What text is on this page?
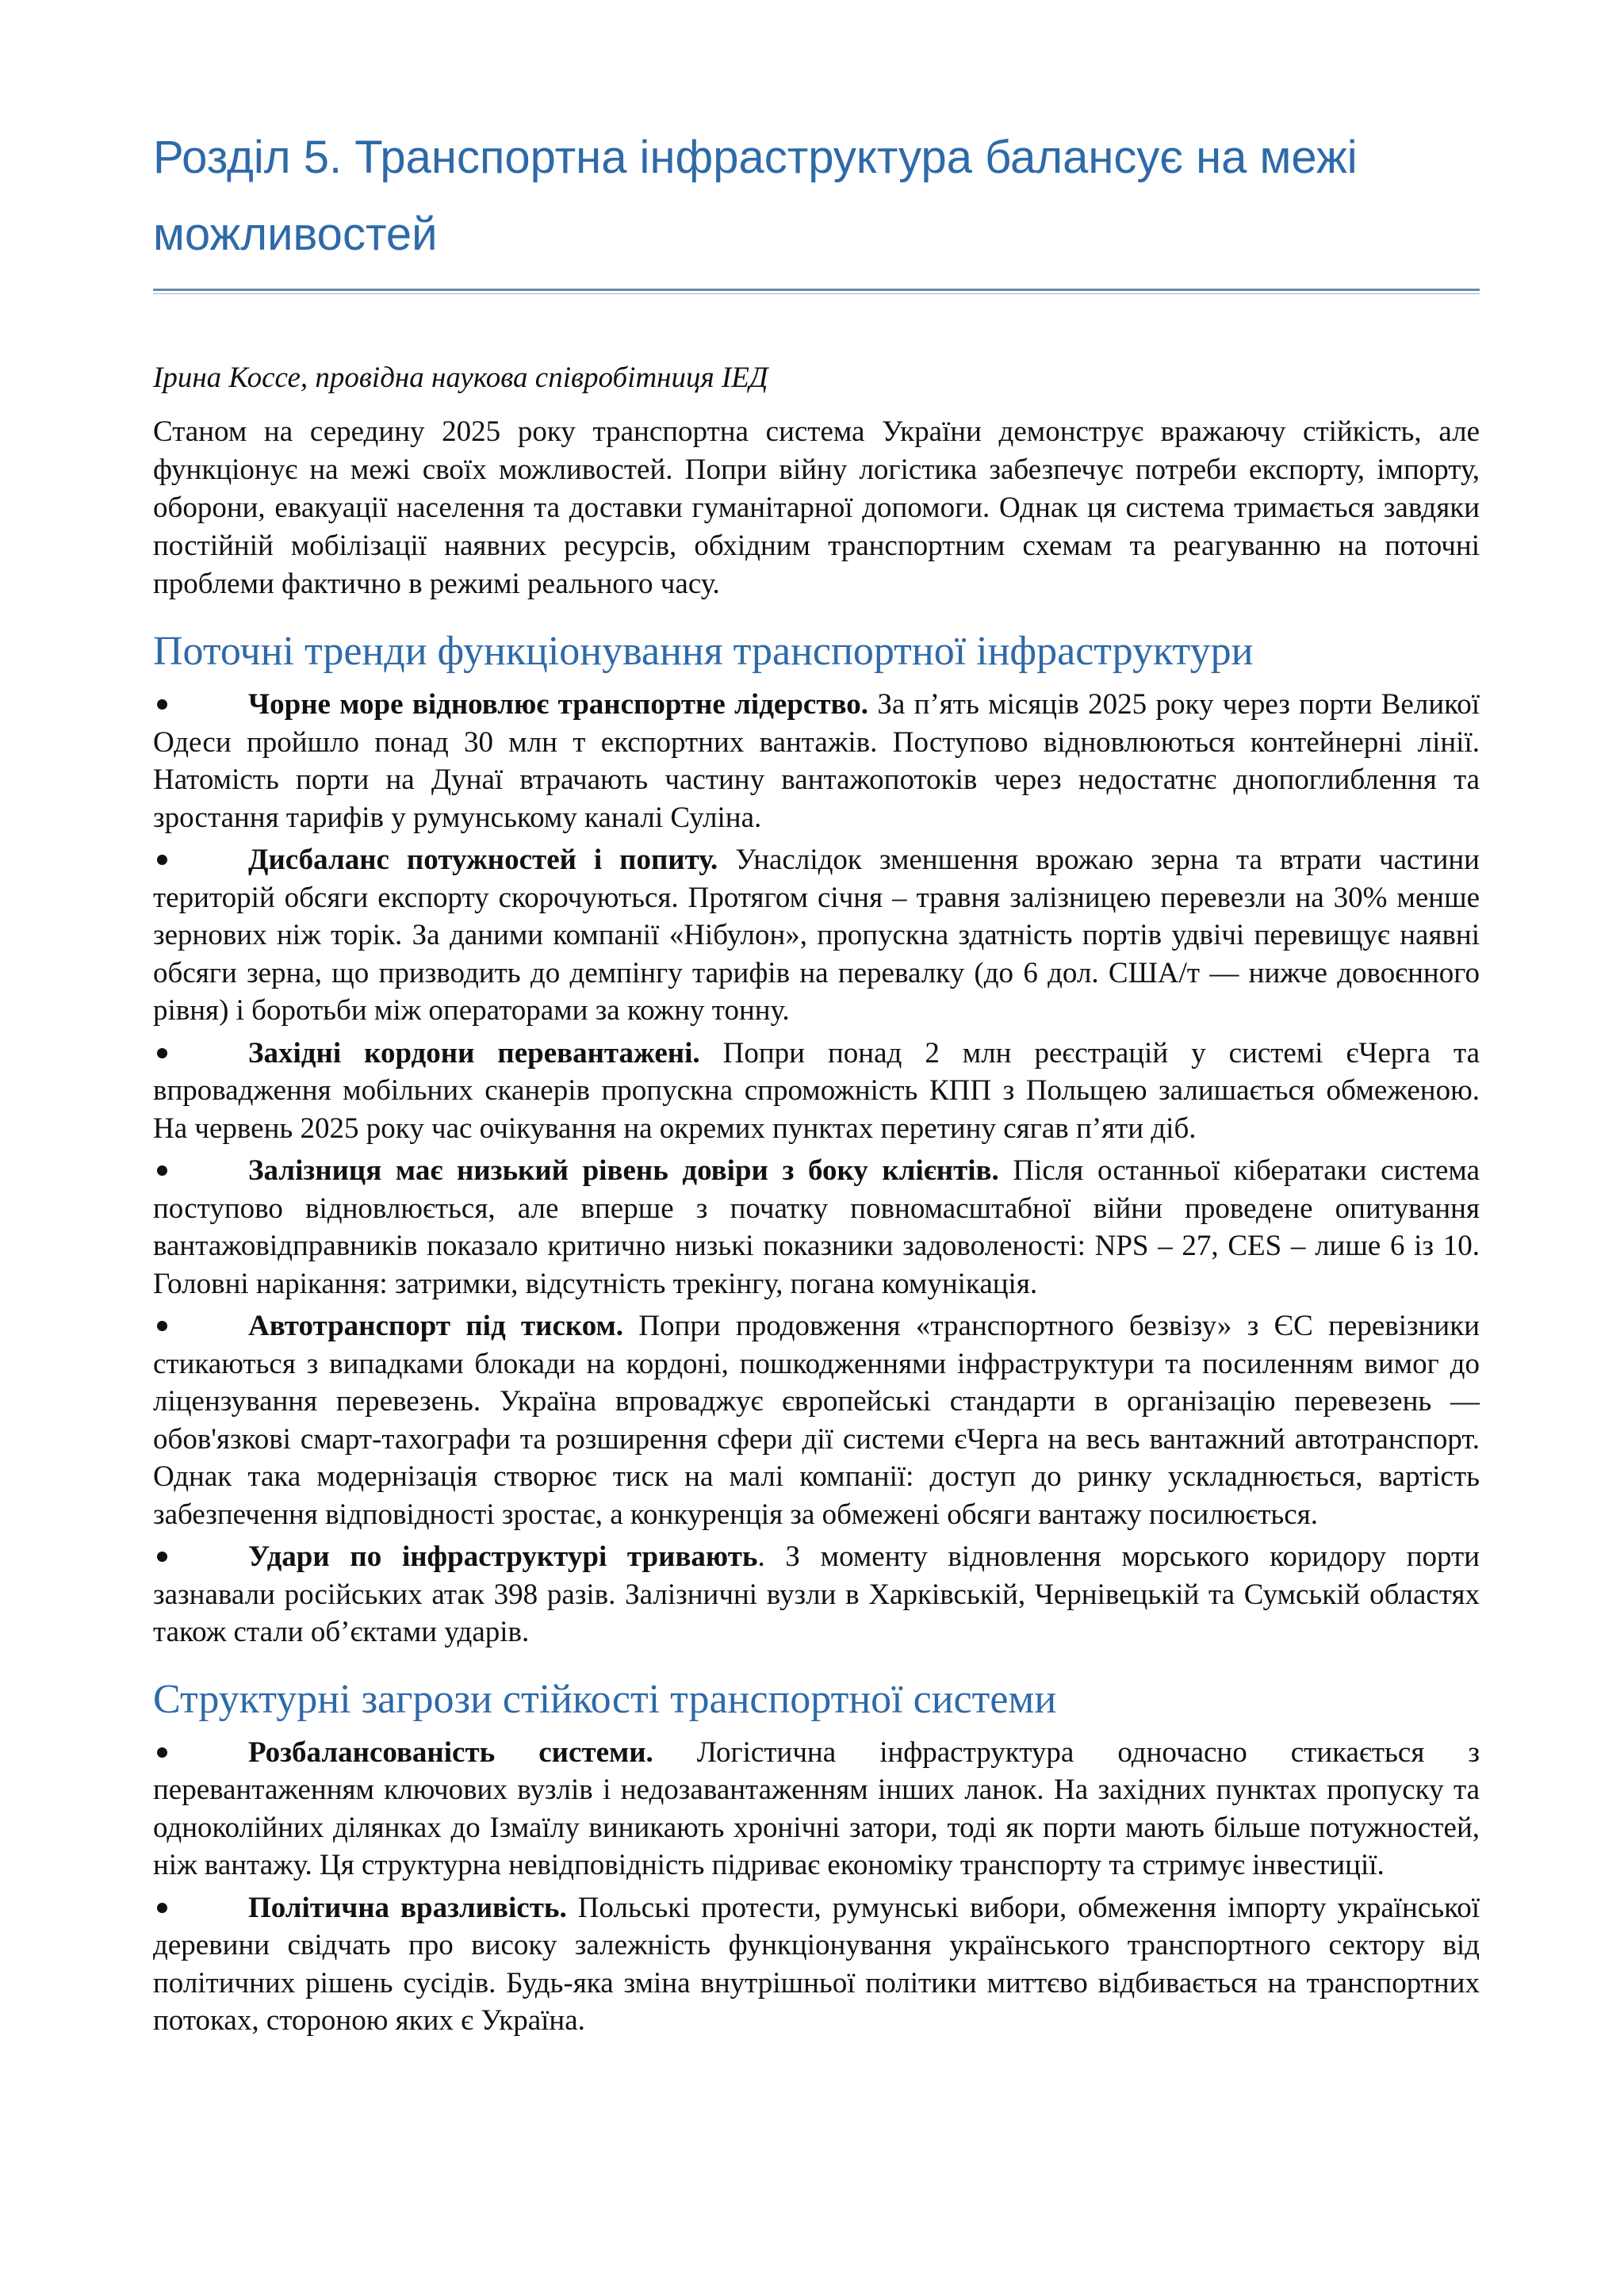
Розділ 5. Транспортна інфраструктура балансує на межі можливостей

Ірина Коссе, провідна наукова співробітниця ІЕД

Станом на середину 2025 року транспортна система України демонструє вражаючу стійкість, але функціонує на межі своїх можливостей. Попри війну логістика забезпечує потреби експорту, імпорту, оборони, евакуації населення та доставки гуманітарної допомоги. Однак ця система тримається завдяки постійній мобілізації наявних ресурсів, обхідним транспортним схемам та реагуванню на поточні проблеми фактично в режимі реального часу.

Поточні тренди функціонування транспортної інфраструктури
Чорне море відновлює транспортне лідерство. За п’ять місяців 2025 року через порти Великої Одеси пройшло понад 30 млн т експортних вантажів. Поступово відновлюються контейнерні лінії. Натомість порти на Дунаї втрачають частину вантажопотоків через недостатнє днопоглиблення та зростання тарифів у румунському каналі Суліна.
Дисбаланс потужностей і попиту. Унаслідок зменшення врожаю зерна та втрати частини територій обсяги експорту скорочуються. Протягом січня – травня залізницею перевезли на 30% менше зернових ніж торік. За даними компанії «Нібулон», пропускна здатність портів удвічі перевищує наявні обсяги зерна, що призводить до демпінгу тарифів на перевалку (до 6 дол. США/т — нижче довоєнного рівня) і боротьби між операторами за кожну тонну.
Західні кордони перевантажені. Попри понад 2 млн реєстрацій у системі єЧерга та впровадження мобільних сканерів пропускна спроможність КПП з Польщею залишається обмеженою. На червень 2025 року час очікування на окремих пунктах перетину сягав п’яти діб.
Залізниця має низький рівень довіри з боку клієнтів. Після останньої кібератаки система поступово відновлюється, але вперше з початку повномасштабної війни проведене опитування вантажовідправників показало критично низькі показники задоволеності: NPS – 27, CES – лише 6 із 10. Головні нарікання: затримки, відсутність трекінгу, погана комунікація.
Автотранспорт під тиском. Попри продовження «транспортного безвізу» з ЄС перевізники стикаються з випадками блокади на кордоні, пошкодженнями інфраструктури та посиленням вимог до ліцензування перевезень. Україна впроваджує європейські стандарти в організацію перевезень — обов'язкові смарт-тахографи та розширення сфери дії системи єЧерга на весь вантажний автотранспорт. Однак така модернізація створює тиск на малі компанії: доступ до ринку ускладнюється, вартість забезпечення відповідності зростає, а конкуренція за обмежені обсяги вантажу посилюється.
Удари по інфраструктурі тривають. З моменту відновлення морського коридору порти зазнавали російських атак 398 разів. Залізничні вузли в Харківській, Чернівецькій та Сумській областях також стали об’єктами ударів.
Структурні загрози стійкості транспортної системи
Розбалансованість системи. Логістична інфраструктура одночасно стикається з перевантаженням ключових вузлів і недозавантаженням інших ланок. На західних пунктах пропуску та одноколійних ділянках до Ізмаїлу виникають хронічні затори, тоді як порти мають більше потужностей, ніж вантажу. Ця структурна невідповідність підриває економіку транспорту та стримує інвестиції.
Політична вразливість. Польські протести, румунські вибори, обмеження імпорту української деревини свідчать про високу залежність функціонування українського транспортного сектору від політичних рішень сусідів. Будь-яка зміна внутрішньої політики миттєво відбивається на транспортних потоках, стороною яких є Україна.
